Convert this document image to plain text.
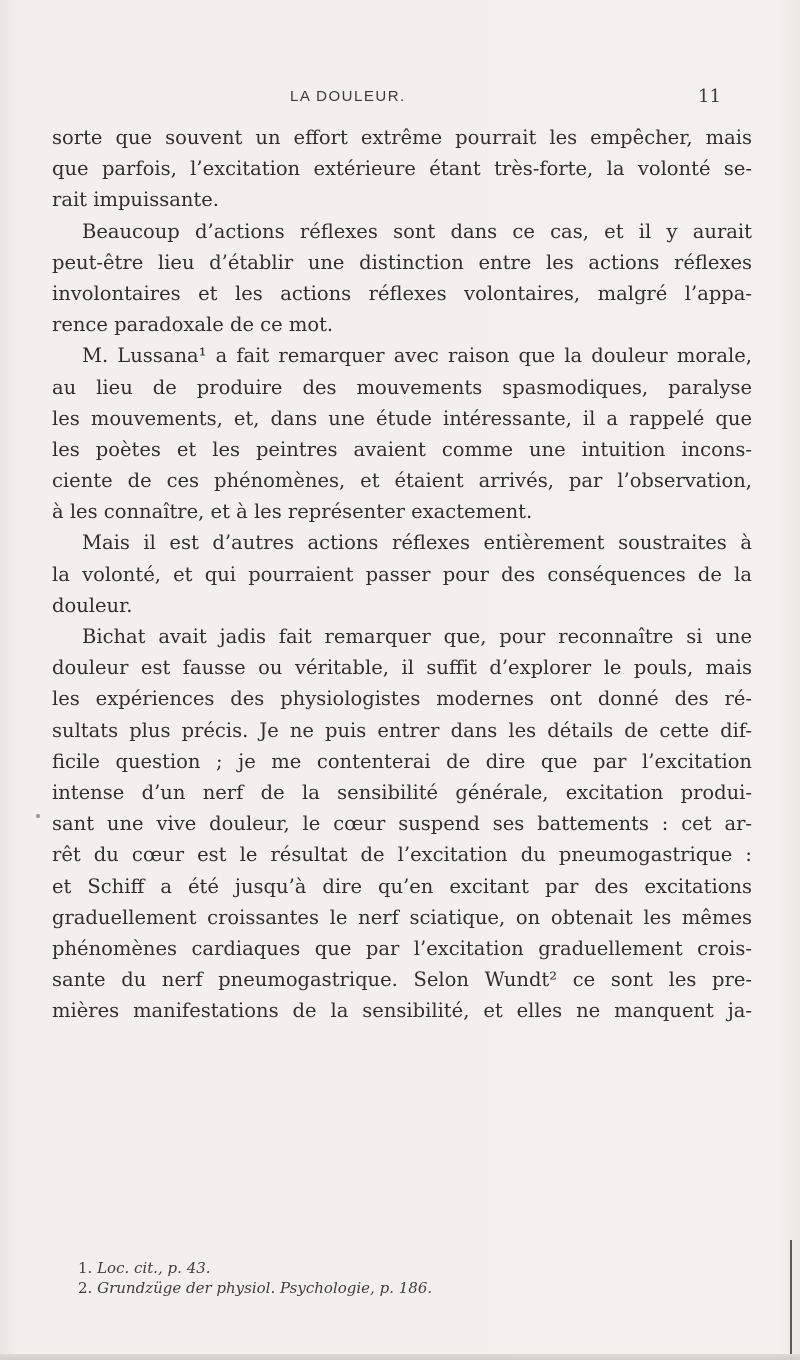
LA DOULEUR.	11
sorte que souvent un effort extrême pourrait les empêcher, mais
que parfois, l’excitation extérieure étant très-forte, la volonté se-
rait impuissante.
Beaucoup d’actions réflexes sont dans ce cas, et il y aurait
peut-être lieu d’établir une distinction entre les actions réflexes
involontaires et les actions réflexes volontaires, malgré l’appa-
rence paradoxale de ce mot.
M. Lussana¹ a fait remarquer avec raison que la douleur morale,
au lieu de produire des mouvements spasmodiques, paralyse
les mouvements, et, dans une étude intéressante, il a rappelé que
les poètes et les peintres avaient comme une intuition incons-
ciente de ces phénomènes, et étaient arrivés, par l’observation,
à les connaître, et à les représenter exactement.
Mais il est d’autres actions réflexes entièrement soustraites à
la volonté, et qui pourraient passer pour des conséquences de la
douleur.
Bichat avait jadis fait remarquer que, pour reconnaître si une
douleur est fausse ou véritable, il suffit d’explorer le pouls, mais
les expériences des physiologistes modernes ont donné des ré-
sultats plus précis. Je ne puis entrer dans les détails de cette dif-
ficile question ; je me contenterai de dire que par l’excitation
intense d’un nerf de la sensibilité générale, excitation produi-
sant une vive douleur, le cœur suspend ses battements : cet ar-
rêt du cœur est le résultat de l’excitation du pneumogastrique :
et Schiff a été jusqu’à dire qu’en excitant par des excitations
graduellement croissantes le nerf sciatique, on obtenait les mêmes
phénomènes cardiaques que par l’excitation graduellement crois-
sante du nerf pneumogastrique. Selon Wundt² ce sont les pre-
mières manifestations de la sensibilité, et elles ne manquent ja-
1. Loc. cit., p. 43.
2. Grundzüge der physiol. Psychologie, p. 186.
